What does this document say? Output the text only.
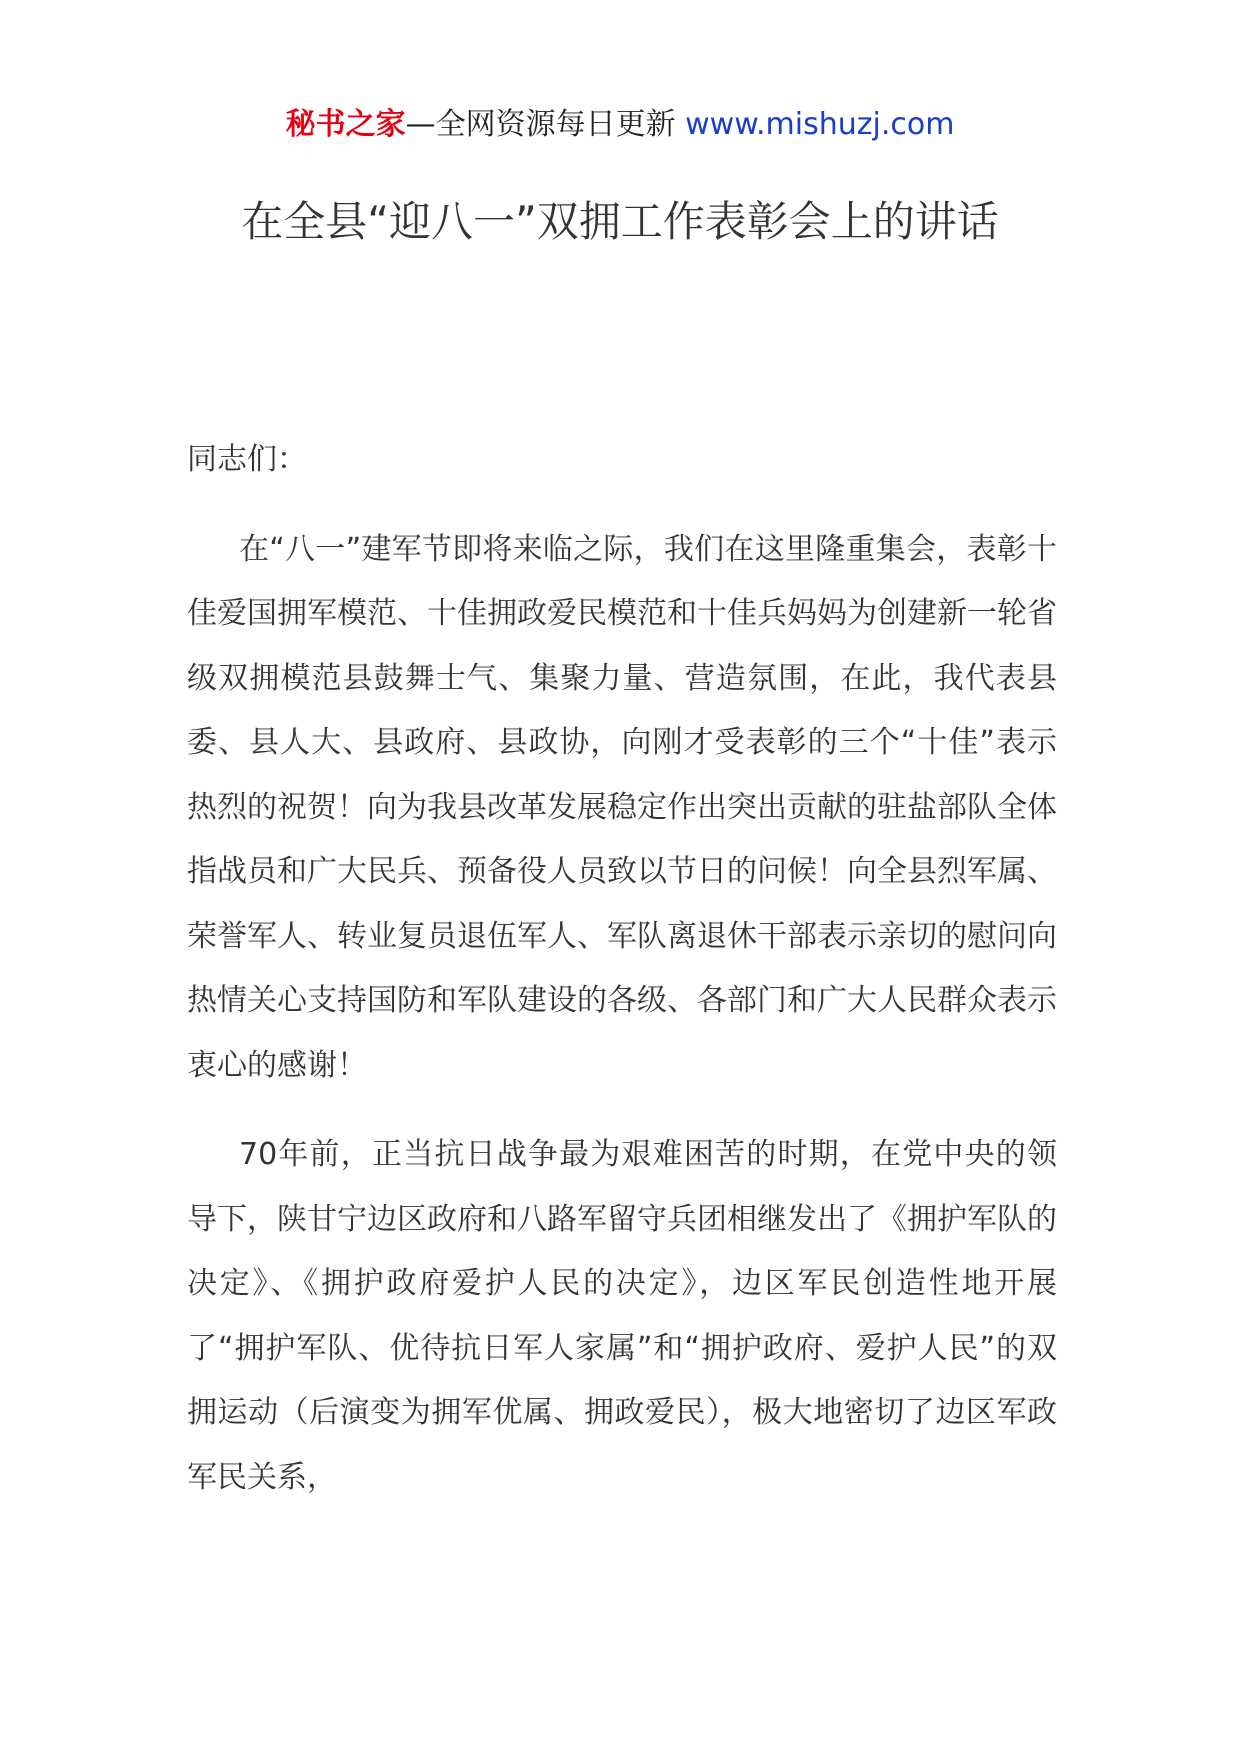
秘书之家—全网资源每日更新 www.mishuzj.com
在全县“迎八一”双拥工作表彰会上的讲话

同志们：

在“八一”建军节即将来临之际，我们在这里隆重集会，表彰十佳爱国拥军模范、十佳拥政爱民模范和十佳兵妈妈为创建新一轮省级双拥模范县鼓舞士气、集聚力量、营造氛围，在此，我代表县委、县人大、县政府、县政协，向刚才受表彰的三个“十佳”表示热烈的祝贺！向为我县改革发展稳定作出突出贡献的驻盐部队全体指战员和广大民兵、预备役人员致以节日的问候！向全县烈军属、荣誉军人、转业复员退伍军人、军队离退休干部表示亲切的慰问向热情关心支持国防和军队建设的各级、各部门和广大人民群众表示衷心的感谢！

70年前，正当抗日战争最为艰难困苦的时期，在党中央的领导下，陕甘宁边区政府和八路军留守兵团相继发出了《拥护军队的决定》、《拥护政府爱护人民的决定》，边区军民创造性地开展了“拥护军队、优待抗日军人家属”和“拥护政府、爱护人民”的双拥运动（后演变为拥军优属、拥政爱民），极大地密切了边区军政军民关系，
